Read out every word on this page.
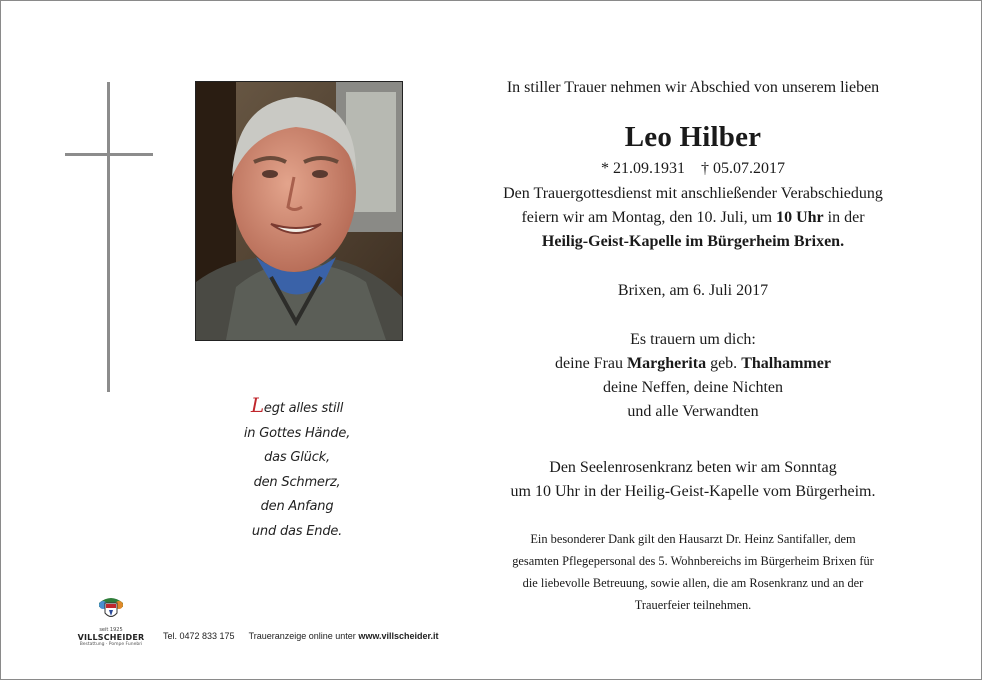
Legt alles still
in Gottes Hände,
das Glück,
den Schmerz,
den Anfang
und das Ende.
seit 1925
VILLSCHEIDER
Bestattung · Pompe Funebri
Tel. 0472 833 175 Traueranzeige online unter www.villscheider.it
In stiller Trauer nehmen wir Abschied von unserem lieben
Leo Hilber
* 21.09.1931 † 05.07.2017
Den Trauergottesdienst mit anschließender Verabschiedung
feiern wir am Montag, den 10. Juli, um 10 Uhr in der
Heilig-Geist-Kapelle im Bürgerheim Brixen.
Brixen, am 6. Juli 2017
Es trauern um dich:
deine Frau Margherita geb. Thalhammer
deine Neffen, deine Nichten
und alle Verwandten
Den Seelenrosenkranz beten wir am Sonntag
um 10 Uhr in der Heilig-Geist-Kapelle vom Bürgerheim.
Ein besonderer Dank gilt den Hausarzt Dr. Heinz Santifaller, dem
gesamten Pflegepersonal des 5. Wohnbereichs im Bürgerheim Brixen für
die liebevolle Betreuung, sowie allen, die am Rosenkranz und an der
Trauerfeier teilnehmen.
